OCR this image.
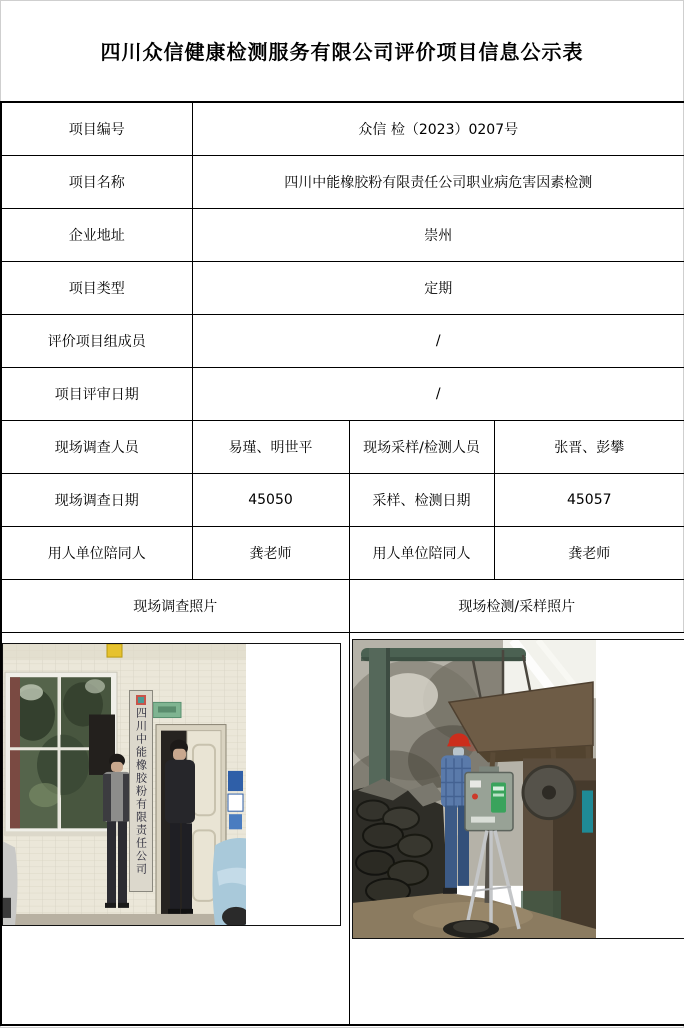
四川众信健康检测服务有限公司评价项目信息公示表
项目编号	众信 检（2023）0207号		
项目名称	四川中能橡胶粉有限责任公司职业病危害因素检测		
企业地址	崇州		
项目类型	定期		
评价项目组成员	/		
项目评审日期	/		
现场调查人员	易瑾、明世平	现场采样/检测人员	张晋、彭攀
现场调查日期	45050	采样、检测日期	45057
用人单位陪同人	龚老师	用人单位陪同人	龚老师
现场调查照片		现场检测/采样照片	

四川中能橡胶粉有限责任公司
